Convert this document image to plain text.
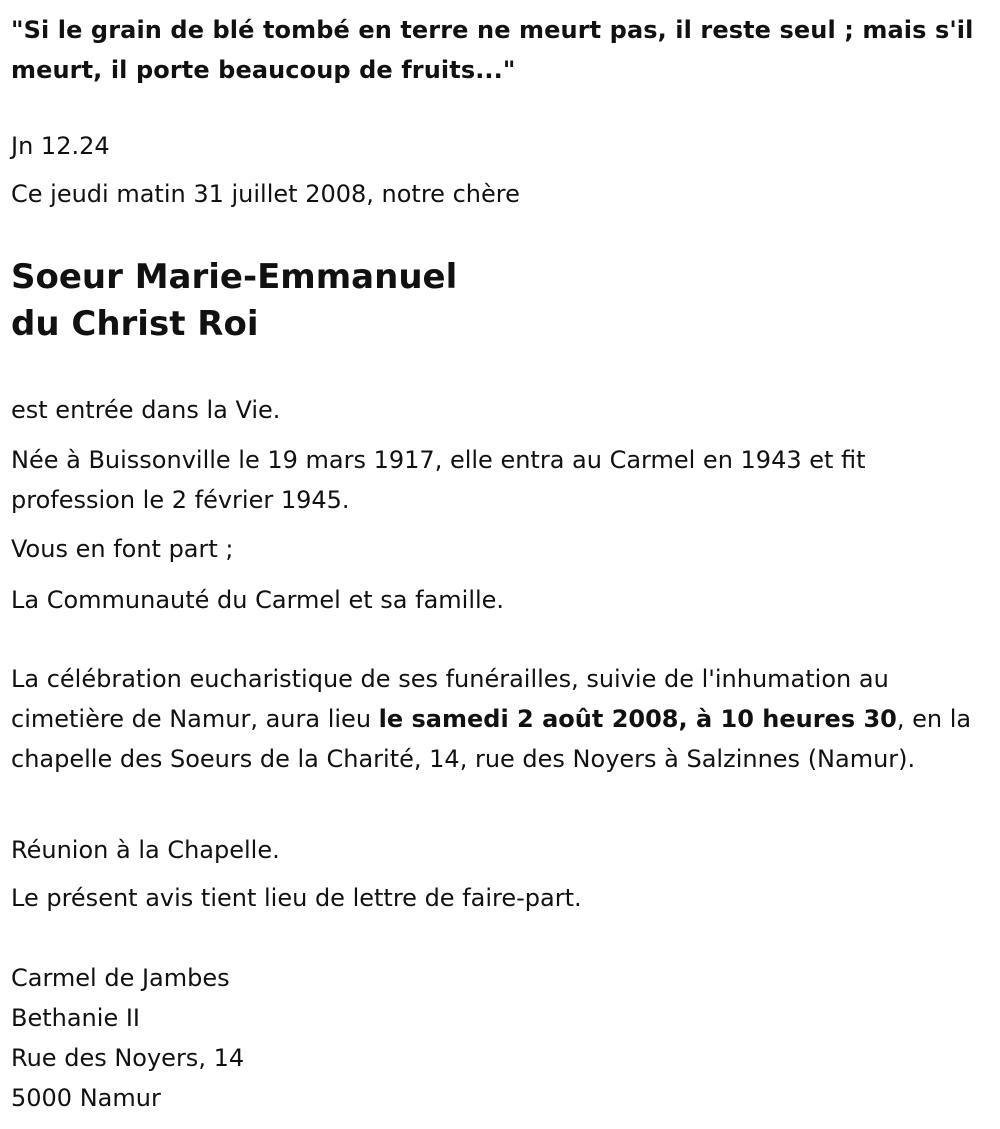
"Si le grain de blé tombé en terre ne meurt pas, il reste seul ; mais s'il meurt, il porte beaucoup de fruits..."

Jn 12.24

Ce jeudi matin 31 juillet 2008, notre chère

Soeur Marie-Emmanuel
du Christ Roi

est entrée dans la Vie.

Née à Buissonville le 19 mars 1917, elle entra au Carmel en 1943 et fit profession le 2 février 1945.

Vous en font part ;

La Communauté du Carmel et sa famille.

La célébration eucharistique de ses funérailles, suivie de l'inhumation au cimetière de Namur, aura lieu le samedi 2 août 2008, à 10 heures 30, en la chapelle des Soeurs de la Charité, 14, rue des Noyers à Salzinnes (Namur).

Réunion à la Chapelle.

Le présent avis tient lieu de lettre de faire-part.

Carmel de Jambes
Bethanie II
Rue des Noyers, 14
5000 Namur
